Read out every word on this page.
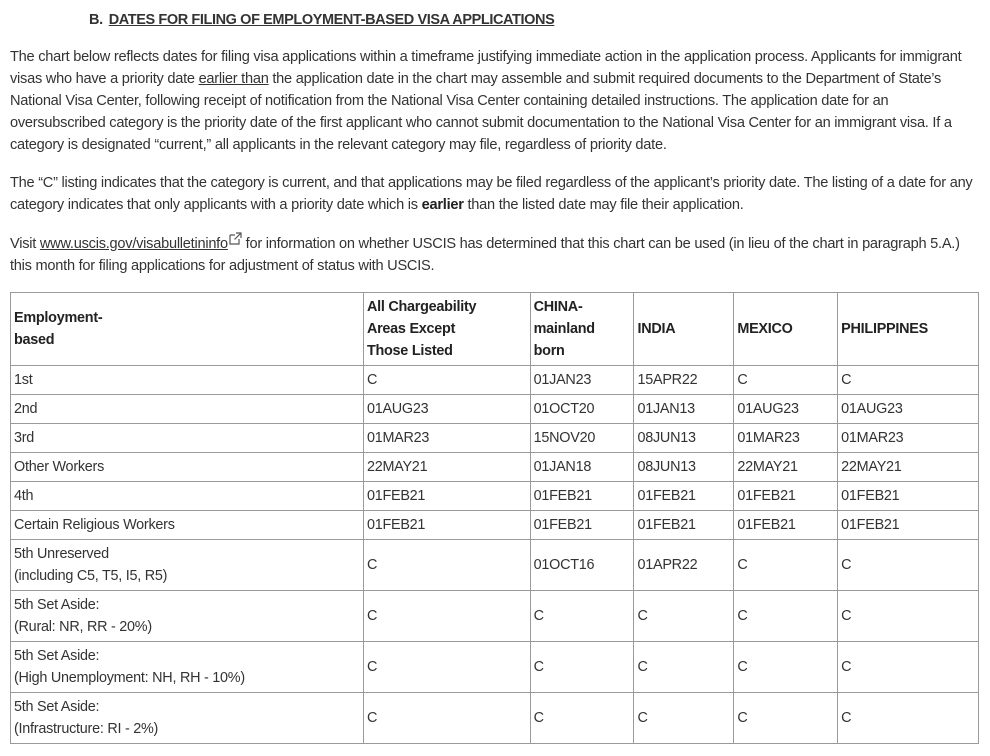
B. DATES FOR FILING OF EMPLOYMENT-BASED VISA APPLICATIONS

The chart below reflects dates for filing visa applications within a timeframe justifying immediate action in the application process. Applicants for immigrant visas who have a priority date earlier than the application date in the chart may assemble and submit required documents to the Department of State’s National Visa Center, following receipt of notification from the National Visa Center containing detailed instructions. The application date for an oversubscribed category is the priority date of the first applicant who cannot submit documentation to the National Visa Center for an immigrant visa. If a category is designated “current,” all applicants in the relevant category may file, regardless of priority date.

The “C” listing indicates that the category is current, and that applications may be filed regardless of the applicant’s priority date. The listing of a date for any category indicates that only applicants with a priority date which is earlier than the listed date may file their application.

Visit www.uscis.gov/visabulletininfo for information on whether USCIS has determined that this chart can be used (in lieu of the chart in paragraph 5.A.) this month for filing applications for adjustment of status with USCIS.

Employment-
based	All Chargeability
Areas Except
Those Listed	CHINA-
mainland
born	INDIA	MEXICO	PHILIPPINES
1st	C	01JAN23	15APR22	C	C
2nd	01AUG23	01OCT20	01JAN13	01AUG23	01AUG23
3rd	01MAR23	15NOV20	08JUN13	01MAR23	01MAR23
Other Workers	22MAY21	01JAN18	08JUN13	22MAY21	22MAY21
4th	01FEB21	01FEB21	01FEB21	01FEB21	01FEB21
Certain Religious Workers	01FEB21	01FEB21	01FEB21	01FEB21	01FEB21
5th Unreserved
(including C5, T5, I5, R5)	C	01OCT16	01APR22	C	C
5th Set Aside:
(Rural: NR, RR - 20%)	C	C	C	C	C
5th Set Aside:
(High Unemployment: NH, RH - 10%)	C	C	C	C	C
5th Set Aside:
(Infrastructure: RI - 2%)	C	C	C	C	C
